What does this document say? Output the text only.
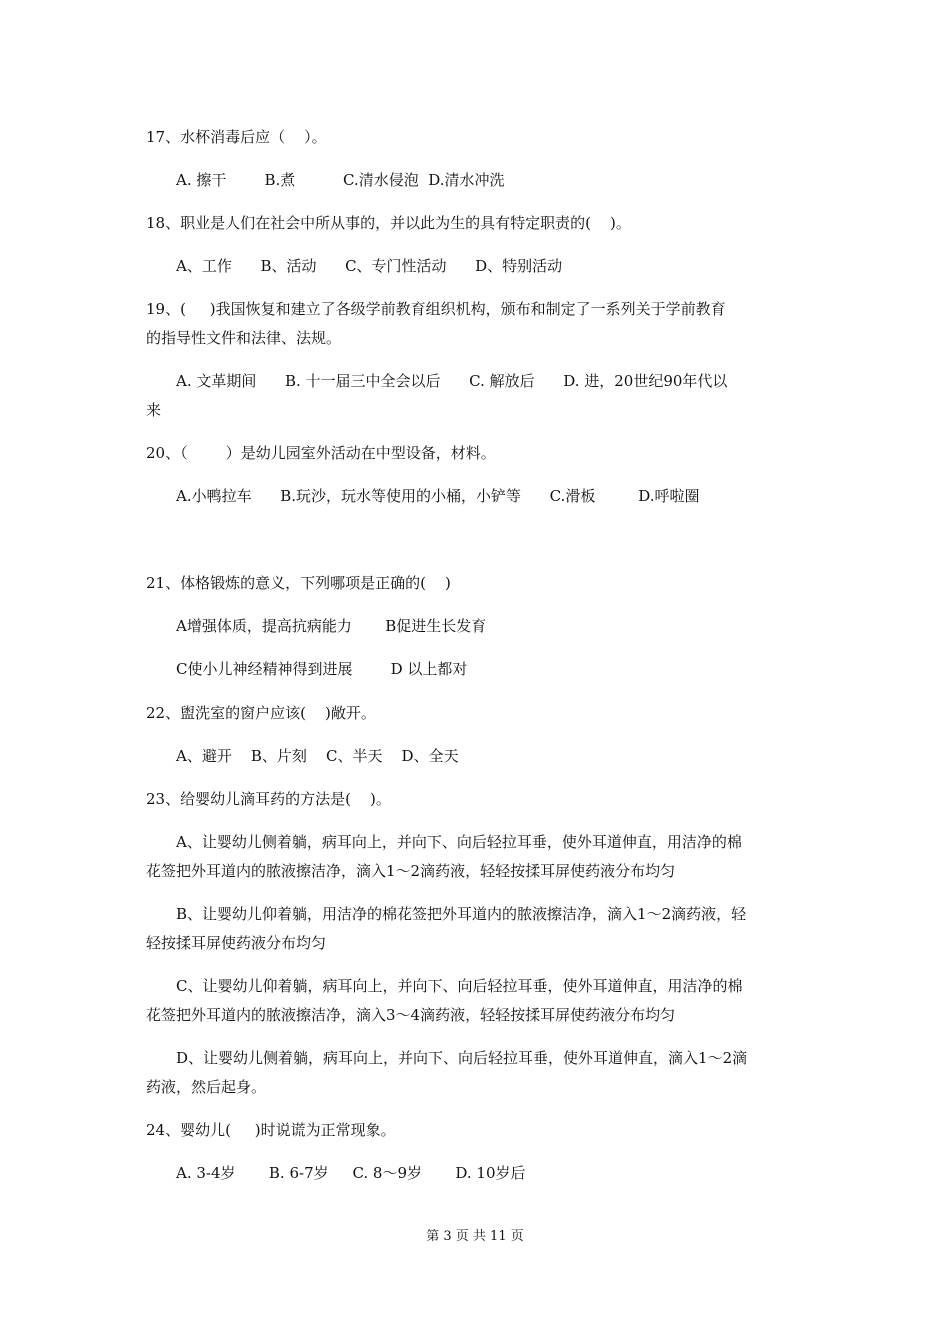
17、水杯消毒后应（    ）。
A. 擦干        B.煮          C.清水侵泡  D.清水冲洗
18、职业是人们在社会中所从事的，并以此为生的具有特定职责的(    )。
A、工作      B、活动      C、专门性活动      D、特别活动
19、(     )我国恢复和建立了各级学前教育组织机构，颁布和制定了一系列关于学前教育
的指导性文件和法律、法规。
A. 文革期间      B. 十一届三中全会以后      C. 解放后      D. 进，20世纪90年代以
来
20、（        ）是幼儿园室外活动在中型设备，材料。
A.小鸭拉车      B.玩沙，玩水等使用的小桶，小铲等      C.滑板         D.呼啦圈
21、体格锻炼的意义，下列哪项是正确的(    )
A增强体质，提高抗病能力       B促进生长发育
C使小儿神经精神得到进展        D 以上都对
22、盥洗室的窗户应该(    )敞开。
A、避开    B、片刻    C、半天    D、全天
23、给婴幼儿滴耳药的方法是(    )。
A、让婴幼儿侧着躺，病耳向上，并向下、向后轻拉耳垂，使外耳道伸直，用洁净的棉
花签把外耳道内的脓液擦洁净，滴入1～2滴药液，轻轻按揉耳屏使药液分布均匀
B、让婴幼儿仰着躺，用洁净的棉花签把外耳道内的脓液擦洁净，滴入1～2滴药液，轻
轻按揉耳屏使药液分布均匀
C、让婴幼儿仰着躺，病耳向上，并向下、向后轻拉耳垂，使外耳道伸直，用洁净的棉
花签把外耳道内的脓液擦洁净，滴入3～4滴药液，轻轻按揉耳屏使药液分布均匀
D、让婴幼儿侧着躺，病耳向上，并向下、向后轻拉耳垂，使外耳道伸直，滴入1～2滴
药液，然后起身。
24、婴幼儿(     )时说谎为正常现象。
A. 3-4岁       B. 6-7岁     C. 8～9岁       D. 10岁后
第 3 页 共 11 页
